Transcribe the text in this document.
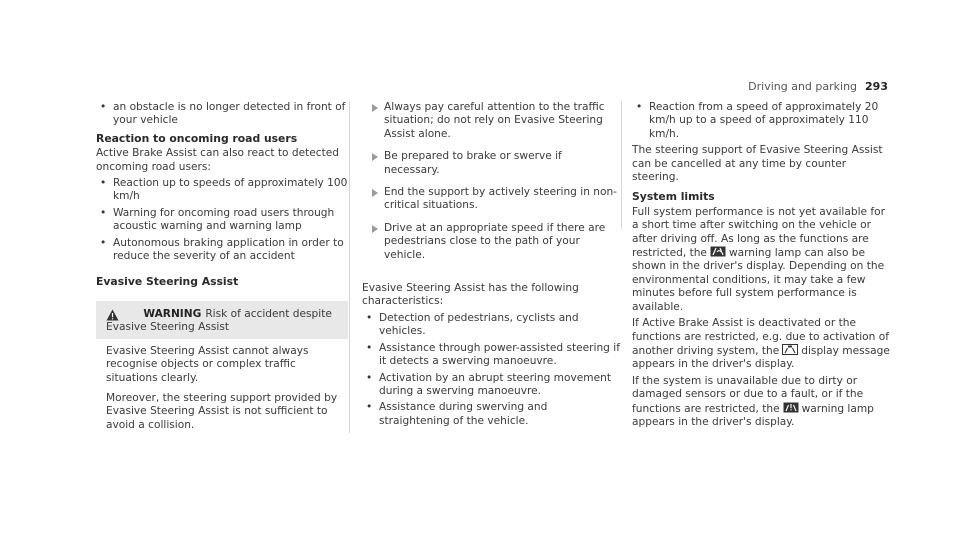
Driving and parking 293
• an obstacle is no longer detected in front of your vehicle
Reaction to oncoming road users

Active Brake Assist can also react to detected oncoming road users:

• Reaction up to speeds of approximately 100 km/h
• Warning for oncoming road users through acoustic warning and warning lamp
• Autonomous braking application in order to reduce the severity of an accident
Evasive Steering Assist
WARNING Risk of accident despite Evasive Steering Assist

Evasive Steering Assist cannot always recognise objects or complex traffic situations clearly.

Moreover, the steering support provided by Evasive Steering Assist is not sufficient to avoid a collision.

Always pay careful attention to the traffic situation; do not rely on Evasive Steering Assist alone.
Be prepared to brake or swerve if necessary.
End the support by actively steering in non-critical situations.
Drive at an appropriate speed if there are pedestrians close to the path of your vehicle.

Evasive Steering Assist has the following characteristics:

• Detection of pedestrians, cyclists and vehicles.
• Assistance through power-assisted steering if it detects a swerving manoeuvre.
• Activation by an abrupt steering movement during a swerving manoeuvre.
• Assistance during swerving and straightening of the vehicle.
• Reaction from a speed of approximately 20 km/h up to a speed of approximately 110 km/h.

The steering support of Evasive Steering Assist can be cancelled at any time by counter steering.

System limits

Full system performance is not yet available for a short time after switching on the vehicle or after driving off. As long as the functions are restricted, the warning lamp can also be shown in the driver's display. Depending on the environmental conditions, it may take a few minutes before full system performance is available.

If Active Brake Assist is deactivated or the functions are restricted, e.g. due to activation of another driving system, the display message appears in the driver's display.

If the system is unavailable due to dirty or damaged sensors or due to a fault, or if the functions are restricted, the warning lamp appears in the driver's display.
